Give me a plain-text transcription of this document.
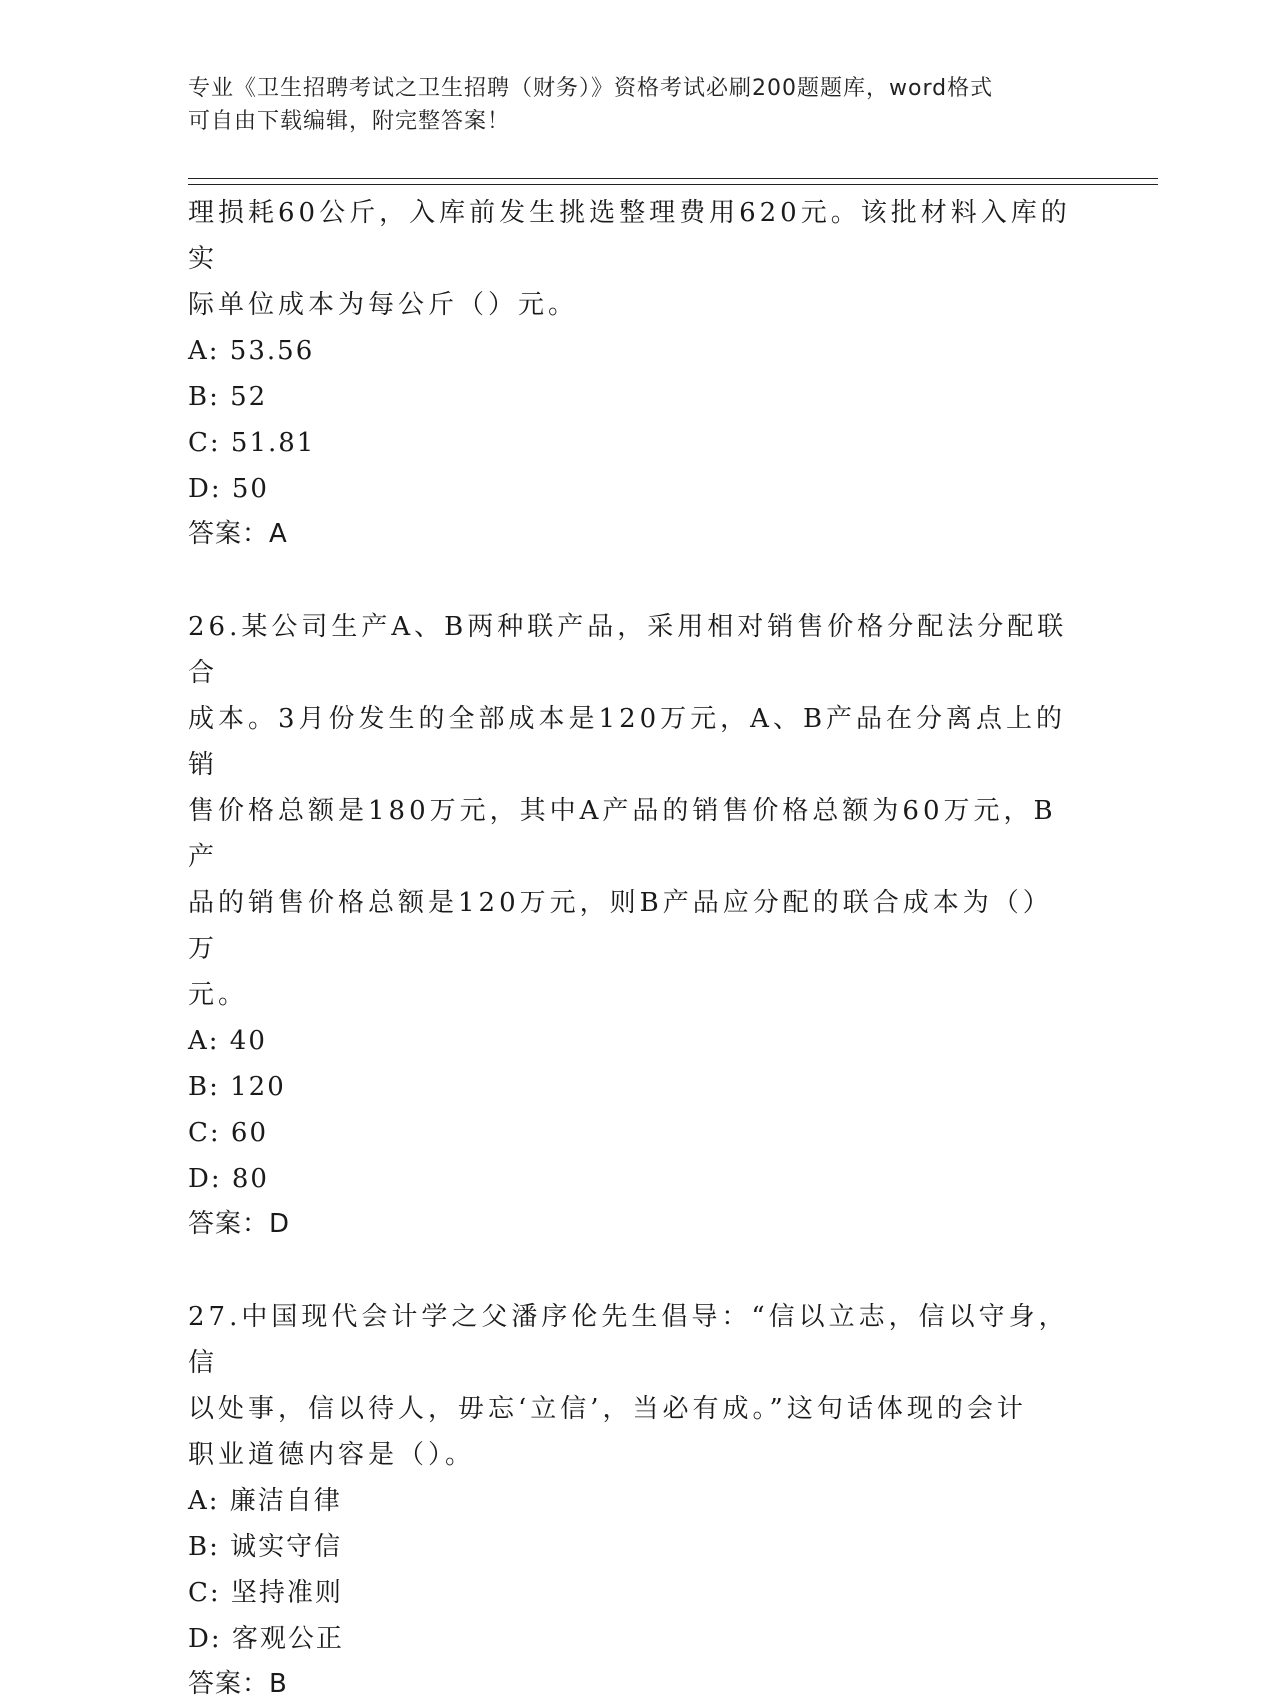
专业《卫生招聘考试之卫生招聘（财务）》资格考试必刷200题题库，word格式
可自由下载编辑，附完整答案！

理损耗60公斤，入库前发生挑选整理费用620元。该批材料入库的实

际单位成本为每公斤（）元。

A: 53.56

B: 52

C: 51.81

D: 50

答案：A

26.某公司生产A、B两种联产品，采用相对销售价格分配法分配联合

成本。3月份发生的全部成本是120万元，A、B产品在分离点上的销

售价格总额是180万元，其中A产品的销售价格总额为60万元，B产

品的销售价格总额是120万元，则B产品应分配的联合成本为（）万

元。

A: 40

B: 120

C: 60

D: 80

答案：D

27.中国现代会计学之父潘序伦先生倡导：“信以立志，信以守身，信

以处事，信以待人，毋忘‘立信’，当必有成。”这句话体现的会计

职业道德内容是（）。

A: 廉洁自律

B: 诚实守信

C: 坚持准则

D: 客观公正

答案：B
